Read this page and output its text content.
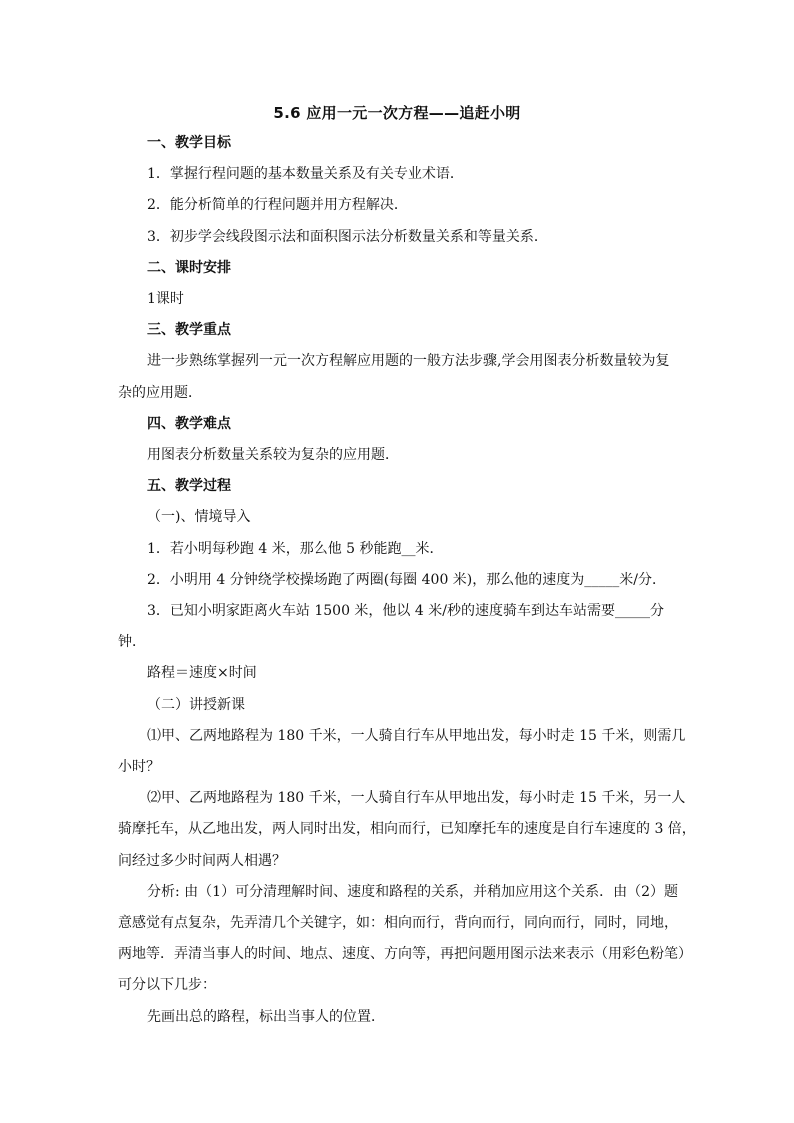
5.6 应用一元一次方程——追赶小明
一、教学目标
1．掌握行程问题的基本数量关系及有关专业术语．
2．能分析简单的行程问题并用方程解决．
3．初步学会线段图示法和面积图示法分析数量关系和等量关系．
二、课时安排
1课时
三、教学重点
进一步熟练掌握列一元一次方程解应用题的一般方法步骤,学会用图表分析数量较为复
杂的应用题．
四、教学难点
用图表分析数量关系较为复杂的应用题．
五、教学过程
（一)、情境导入
1．若小明每秒跑 4 米，那么他 5 秒能跑__米．
2．小明用 4 分钟绕学校操场跑了两圈(每圈 400 米)，那么他的速度为_____米/分．
3．已知小明家距离火车站 1500 米，他以 4 米/秒的速度骑车到达车站需要_____分
钟．
路程＝速度×时间
（二）讲授新课
⑴甲、乙两地路程为 180 千米，一人骑自行车从甲地出发，每小时走 15 千米，则需几
小时？
⑵甲、乙两地路程为 180 千米，一人骑自行车从甲地出发，每小时走 15 千米，另一人
骑摩托车，从乙地出发，两人同时出发，相向而行，已知摩托车的速度是自行车速度的 3 倍，
问经过多少时间两人相遇？
分析: 由（1）可分清理解时间、速度和路程的关系，并稍加应用这个关系．由（2）题
意感觉有点复杂，先弄清几个关键字，如：相向而行，背向而行，同向而行，同时，同地，
两地等．弄清当事人的时间、地点、速度、方向等，再把问题用图示法来表示（用彩色粉笔）
可分以下几步：
先画出总的路程，标出当事人的位置．
